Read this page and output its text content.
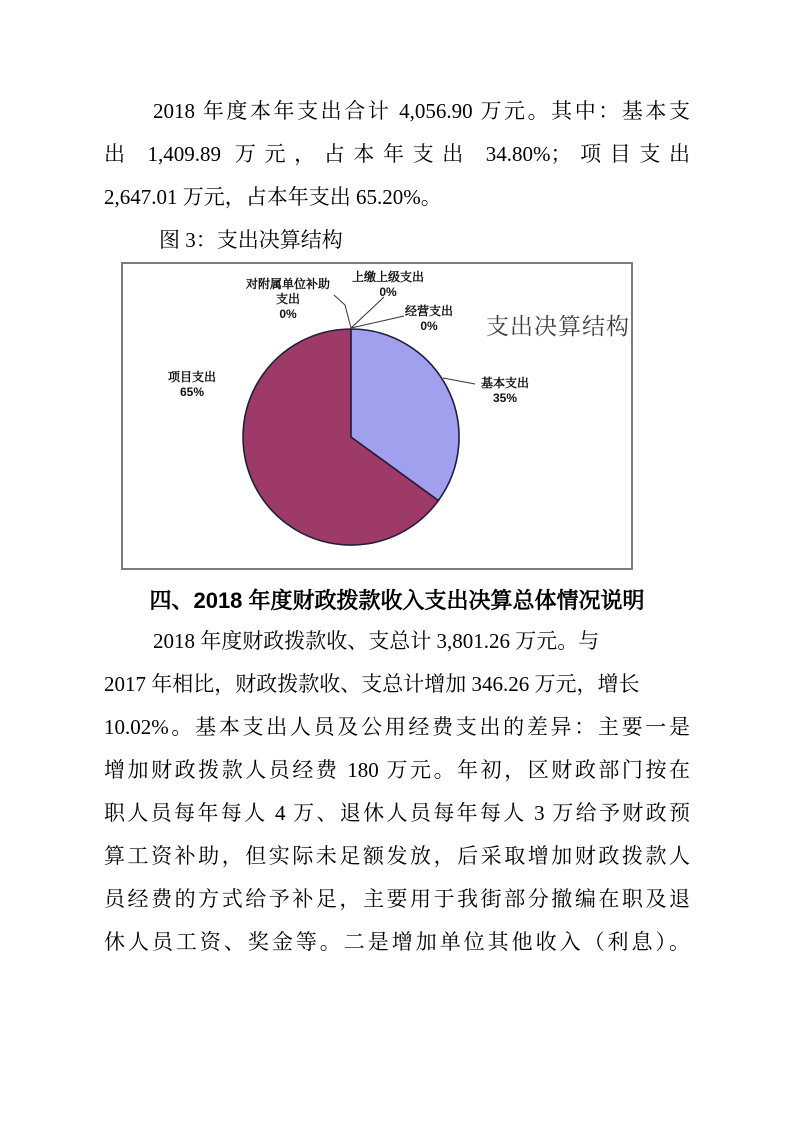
2018 年度本年支出合计 4,056.90 万元。其中：基本支
出 1,409.89 万元，占本年支出 34.80%；项目支出
2,647.01 万元，占本年支出 65.20%。
图 3：支出决算结构
支出决算结构
对附属单位补助
支出
0%
上缴上级支出
0%
经营支出
0%
项目支出
65%
基本支出
35%
四、2018 年度财政拨款收入支出决算总体情况说明
2018 年度财政拨款收、支总计 3,801.26 万元。与
2017 年相比，财政拨款收、支总计增加 346.26 万元，增长
10.02%。基本支出人员及公用经费支出的差异：主要一是
增加财政拨款人员经费 180 万元。年初，区财政部门按在
职人员每年每人 4 万、退休人员每年每人 3 万给予财政预
算工资补助，但实际未足额发放，后采取增加财政拨款人
员经费的方式给予补足，主要用于我街部分撤编在职及退
休人员工资、奖金等。二是增加单位其他收入（利息）。
